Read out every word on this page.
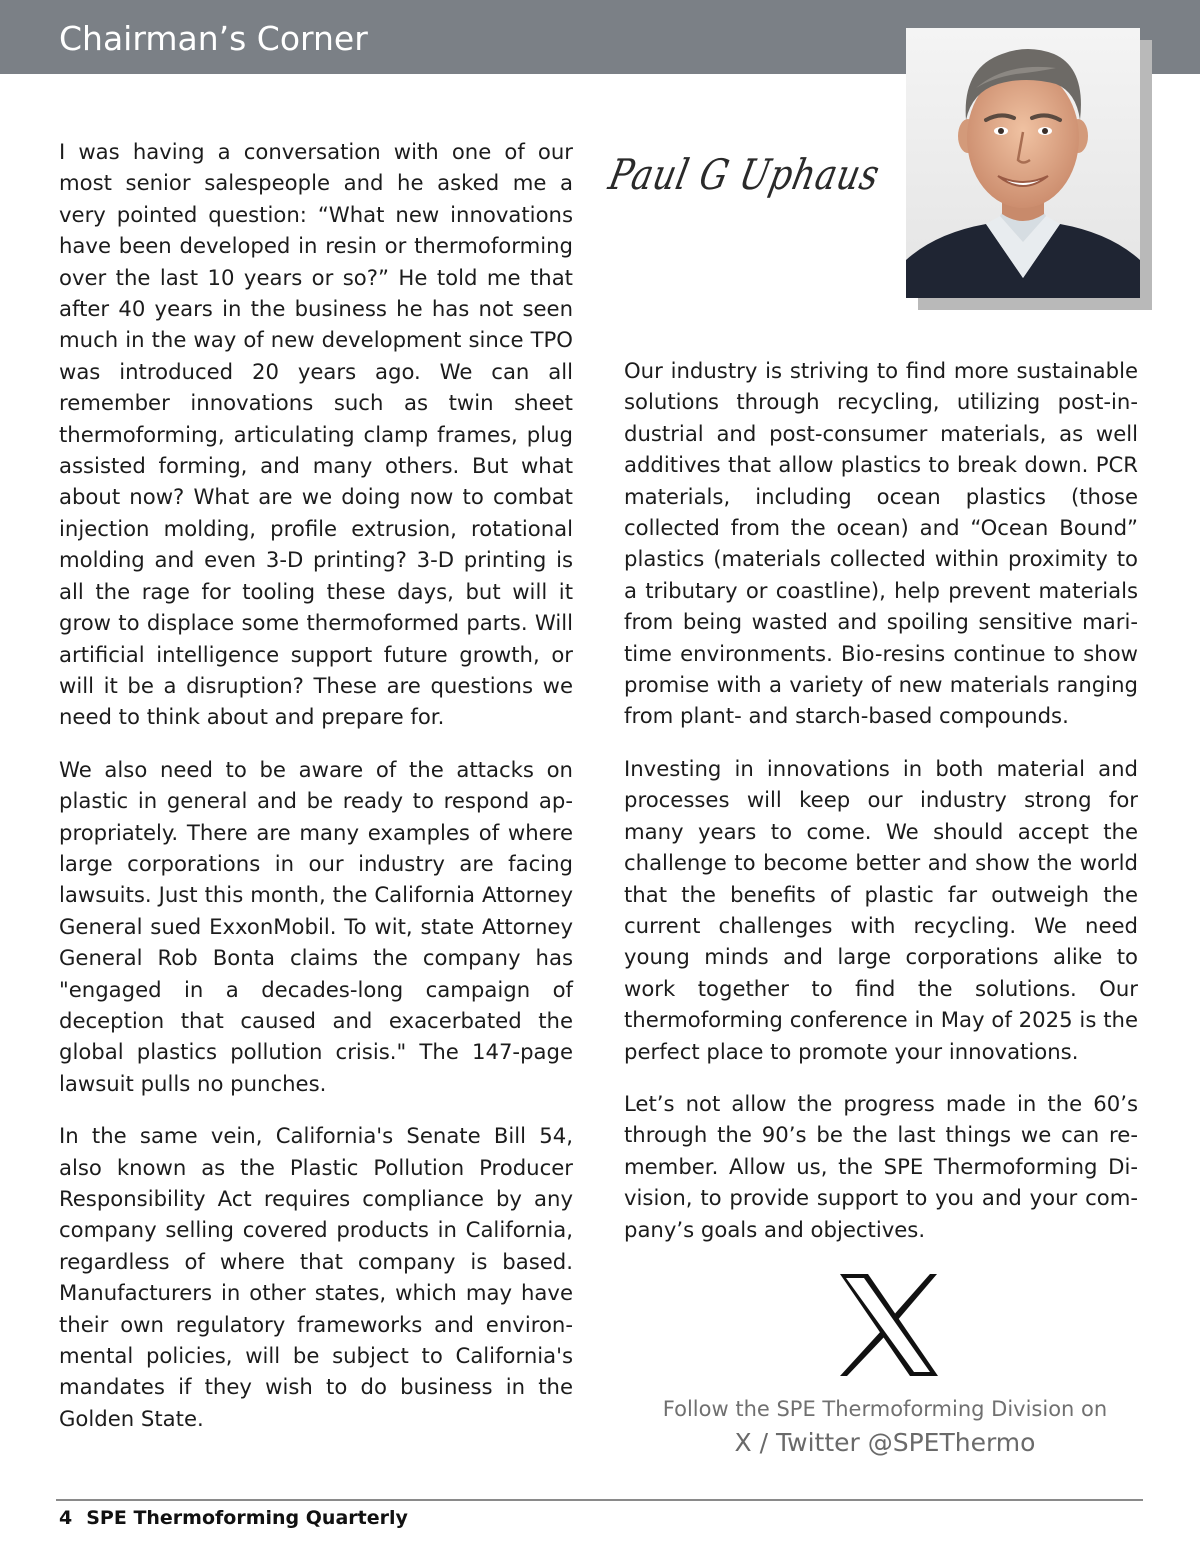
Chairman’s Corner
Paul G Uphaus

I was having a conversation with one of our most senior salespeople and he asked me a very pointed question: “What new innovations have been developed in resin or thermoforming over the last 10 years or so?” He told me that after 40 years in the business he has not seen much in the way of new development since TPO was introduced 20 years ago. We can all remember innovations such as twin sheet thermoforming, articulating clamp frames, plug assisted forming, and many others. But what about now? What are we doing now to combat injection molding, profile extrusion, rotational molding and even 3-D printing? 3-D printing is all the rage for tooling these days, but will it grow to displace some thermoformed parts. Will artificial intelligence support future growth, or will it be a disruption? These are questions we need to think about and prepare for.

We also need to be aware of the attacks on plastic in general and be ready to respond appropriately. There are many examples of where large corporations in our industry are facing lawsuits. Just this month, the California Attorney General sued ExxonMobil. To wit, state Attorney General Rob Bonta claims the company has "engaged in a decades-long campaign of deception that caused and exacerbated the global plastics pollution crisis." The 147-page lawsuit pulls no punches.

In the same vein, California's Senate Bill 54, also known as the Plastic Pollution Producer Responsibility Act requires compliance by any company selling covered products in California, regardless of where that company is based. Manufacturers in other states, which may have their own regulatory frameworks and environmental policies, will be subject to California's mandates if they wish to do business in the Golden State.

Our industry is striving to find more sustainable solutions through recycling, utilizing post-industrial and post-consumer materials, as well additives that allow plastics to break down. PCR materials, including ocean plastics (those collected from the ocean) and “Ocean Bound” plastics (materials collected within proximity to a tributary or coastline), help prevent materials from being wasted and spoiling sensitive maritime environments. Bio-resins continue to show promise with a variety of new materials ranging from plant- and starch-based compounds.

Investing in innovations in both material and processes will keep our industry strong for many years to come. We should accept the challenge to become better and show the world that the benefits of plastic far outweigh the current challenges with recycling. We need young minds and large corporations alike to work together to find the solutions. Our thermoforming conference in May of 2025 is the perfect place to promote your innovations.

Let’s not allow the progress made in the 60’s through the 90’s be the last things we can remember. Allow us, the SPE Thermoforming Division, to provide support to you and your company’s goals and objectives.

Follow the SPE Thermoforming Division on
X / Twitter @SPEThermo
4 SPE Thermoforming Quarterly
